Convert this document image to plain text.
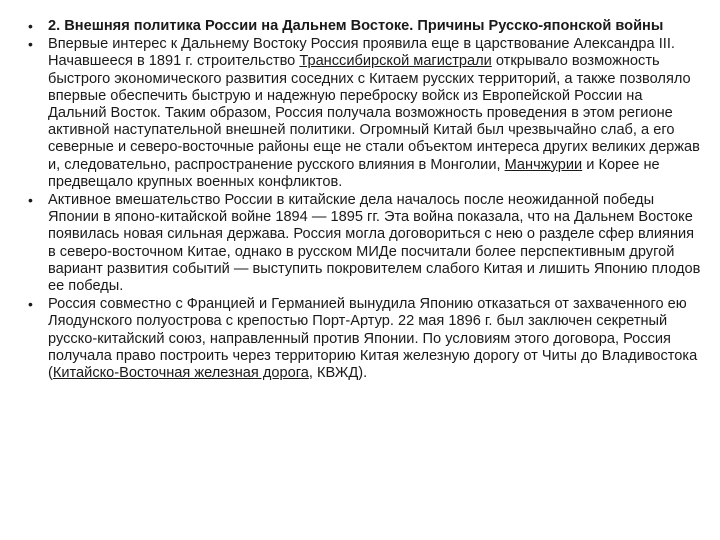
• 2. Внешняя политика России на Дальнем Востоке. Причины Русско-японской войны
• Впервые интерес к Дальнему Востоку Россия проявила еще в царствование Александра III. Начавшееся в 1891 г. строительство Транссибирской магистрали открывало возможность быстрого экономического развития соседних с Китаем русских территорий, а также позволяло впервые обеспечить быструю и надежную переброску войск из Европейской России на Дальний Восток. Таким образом, Россия получала возможность проведения в этом регионе активной наступательной внешней политики. Огромный Китай был чрезвычайно слаб, а его северные и северо-восточные районы еще не стали объектом интереса других великих держав и, следовательно, распространение русского влияния в Монголии, Манчжурии и Корее не предвещало крупных военных конфликтов.
• Активное вмешательство России в китайские дела началось после неожиданной победы Японии в японо-китайской войне 1894 — 1895 гг. Эта война показала, что на Дальнем Востоке появилась новая сильная держава. Россия могла договориться с нею о разделе сфер влияния в северо-восточном Китае, однако в русском МИДе посчитали более перспективным другой вариант развития событий — выступить покровителем слабого Китая и лишить Японию плодов ее победы.
• Россия совместно с Францией и Германией вынудила Японию отказаться от захваченного ею Ляодунского полуострова с крепостью Порт-Артур. 22 мая 1896 г. был заключен секретный русско-китайский союз, направленный против Японии. По условиям этого договора, Россия получала право построить через территорию Китая железную дорогу от Читы до Владивостока (Китайско-Восточная железная дорога, КВЖД).
